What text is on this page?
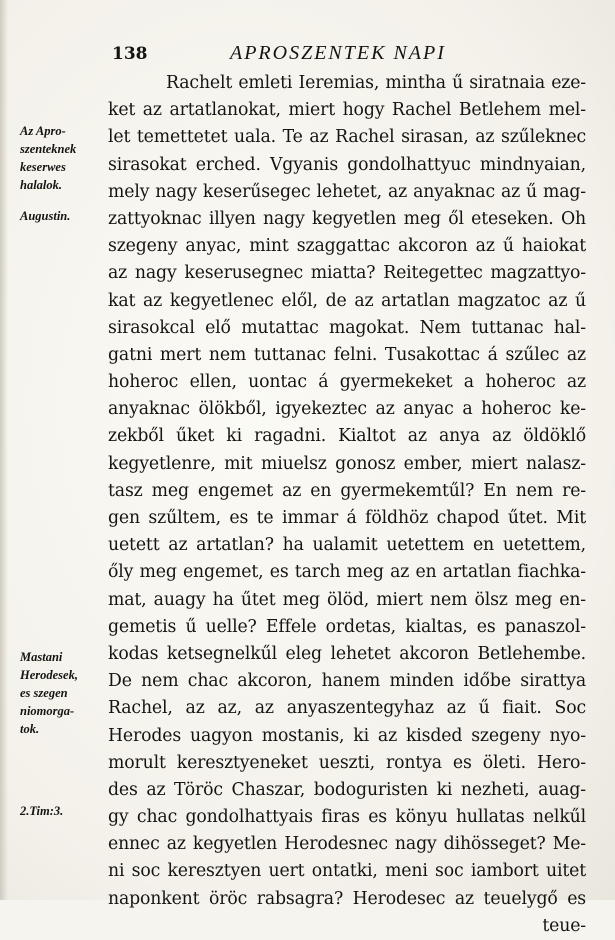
138	APROSZENTEK NAPI
Az Apro-
szenteknek
keserwes
halalok.
Augustin.
Mastani
Herodesek,
es szegen
niomorga-
tok.
2.Tim:3.
Rachelt emleti Ieremias, mintha ű siratnaia eze-
ket az artatlanokat, miert hogy Rachel Betlehem mel-
let temettetet uala. Te az Rachel sirasan, az szűleknec
sirasokat erched. Vgyanis gondolhattyuc mindnyaian,
mely nagy keserűsegec lehetet, az anyaknac az ű mag-
zattyoknac illyen nagy kegyetlen meg ől eteseken. Oh
szegeny anyac, mint szaggattac akcoron az ű haiokat
az nagy keserusegnec miatta? Reitegettec magzattyo-
kat az kegyetlenec elől, de az artatlan magzatoc az ű
sirasokcal elő mutattac magokat. Nem tuttanac hal-
gatni mert nem tuttanac felni. Tusakottac á szűlec az
hoheroc ellen, uontac á gyermekeket a hoheroc az
anyaknac ölökből, igyekeztec az anyac a hoheroc ke-
zekből űket ki ragadni. Kialtot az anya az öldöklő
kegyetlenre, mit miuelsz gonosz ember, miert nalasz-
tasz meg engemet az en gyermekemtűl? En nem re-
gen szűltem, es te immar á földhöz chapod űtet. Mit
uetett az artatlan? ha ualamit uetettem en uetettem,
őly meg engemet, es tarch meg az en artatlan fiachka-
mat, auagy ha űtet meg ölöd, miert nem ölsz meg en-
gemetis ű uelle? Effele ordetas, kialtas, es panaszol-
kodas ketsegnelkűl eleg lehetet akcoron Betlehembe.
De nem chac akcoron, hanem minden időbe sirattya
Rachel, az az, az anyaszentegyhaz az ű fiait. Soc
Herodes uagyon mostanis, ki az kisded szegeny nyo-
morult keresztyeneket ueszti, rontya es öleti. Hero-
des az Töröc Chaszar, bodoguristen ki nezheti, auag-
gy chac gondolhattyais firas es könyu hullatas nelkűl
ennec az kegyetlen Herodesnec nagy dihösseget? Me-
ni soc keresztyen uert ontatki, meni soc iambort uitet
naponkent öröc rabsagra? Herodesec az teuelygő es
teue-
